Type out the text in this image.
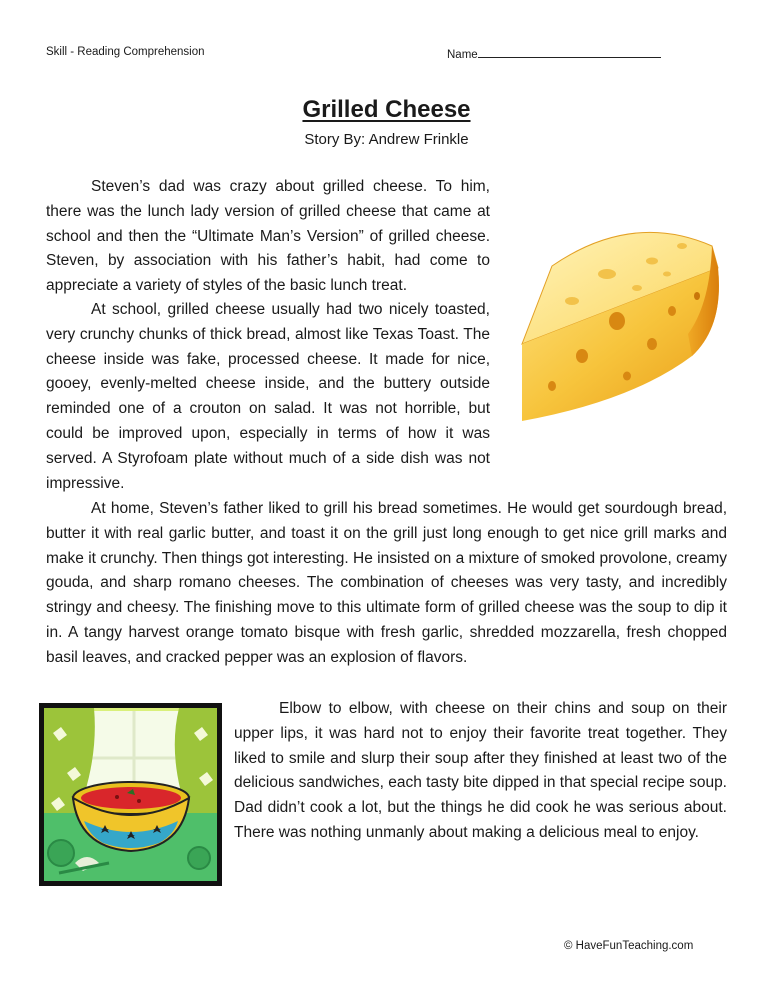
Skill - Reading Comprehension	Name
Grilled Cheese
Story By: Andrew Frinkle

Steven’s dad was crazy about grilled cheese. To him, there was the lunch lady version of grilled cheese that came at school and then the “Ultimate Man’s Version” of grilled cheese. Steven, by association with his father’s habit, had come to appreciate a variety of styles of the basic lunch treat.

At school, grilled cheese usually had two nicely toasted, very crunchy chunks of thick bread, almost like Texas Toast. The cheese inside was fake, processed cheese. It made for nice, gooey, evenly-melted cheese inside, and the buttery outside reminded one of a crouton on salad. It was not horrible, but could be improved upon, especially in terms of how it was served. A Styrofoam plate without much of a side dish was not impressive.

At home, Steven’s father liked to grill his bread sometimes. He would get sourdough bread, butter it with real garlic butter, and toast it on the grill just long enough to get nice grill marks and make it crunchy. Then things got interesting. He insisted on a mixture of smoked provolone, creamy gouda, and sharp romano cheeses. The combination of cheeses was very tasty, and incredibly stringy and cheesy. The finishing move to this ultimate form of grilled cheese was the soup to dip it in. A tangy harvest orange tomato bisque with fresh garlic, shredded mozzarella, fresh chopped basil leaves, and cracked pepper was an explosion of flavors.

Elbow to elbow, with cheese on their chins and soup on their upper lips, it was hard not to enjoy their favorite treat together. They liked to smile and slurp their soup after they finished at least two of the delicious sandwiches, each tasty bite dipped in that special recipe soup. Dad didn’t cook a lot, but the things he did cook he was serious about. There was nothing unmanly about making a delicious meal to enjoy.

© HaveFunTeaching.com
